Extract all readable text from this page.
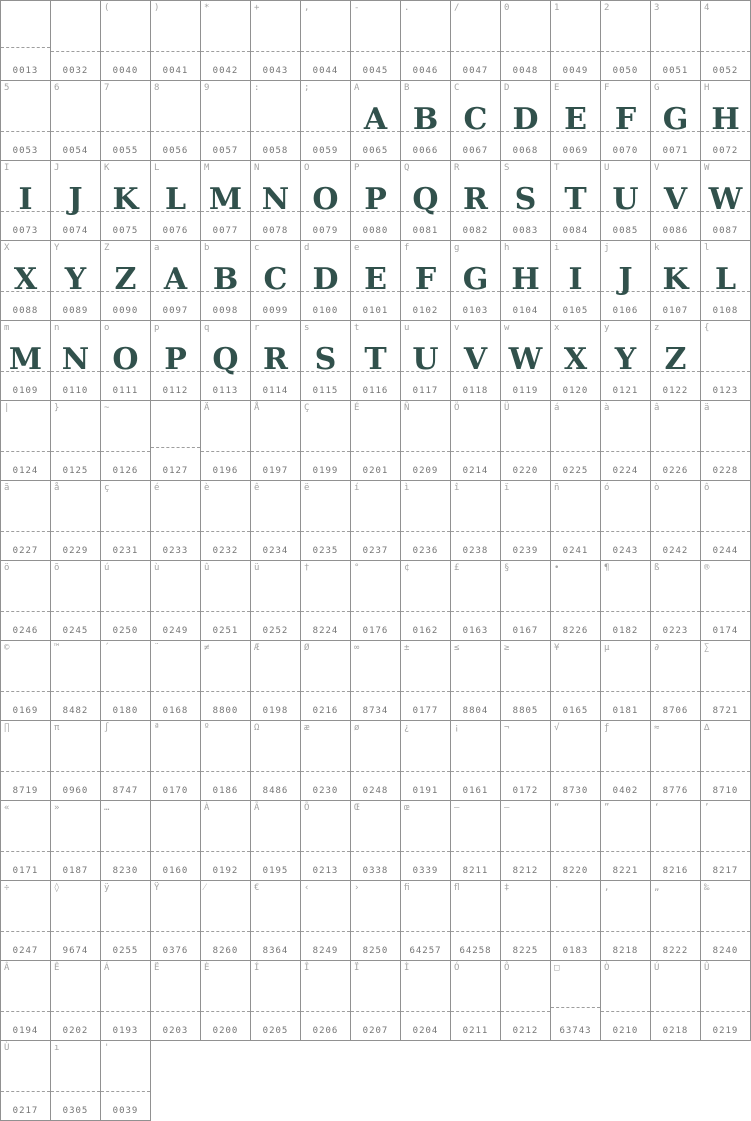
0013	0032
(
0040
)
0041
*
0042
+
0043
,
0044
-
0045
.
0046
/
0047
0
0048
1
0049
2
0050
3
0051
4
0052
5
0053
6
0054
7
0055
8
0056
9
0057
:
0058
;
0059
A
A
0065
B
B
0066
C
C
0067
D
D
0068
E
E
0069
F
F
0070
G
G
0071
H
H
0072
I
I
0073
J
J
0074
K
K
0075
L
L
0076
M
M
0077
N
N
0078
O
O
0079
P
P
0080
Q
Q
0081
R
R
0082
S
S
0083
T
T
0084
U
U
0085
V
V
0086
W
W
0087
X
X
0088
Y
Y
0089
Z
Z
0090
a
A
0097
b
B
0098
c
C
0099
d
D
0100
e
E
0101
f
F
0102
g
G
0103
h
H
0104
i
I
0105
j
J
0106
k
K
0107
l
L
0108
m
M
0109
n
N
0110
o
O
0111
p
P
0112
q
Q
0113
r
R
0114
s
S
0115
t
T
0116
u
U
0117
v
V
0118
w
W
0119
x
X
0120
y
Y
0121
z
Z
0122
{
0123
|
0124
}
0125
~
0126	0127
Ä
0196
Å
0197
Ç
0199
É
0201
Ñ
0209
Ö
0214
Ü
0220
á
0225
à
0224
â
0226
ä
0228
ã
0227
å
0229
ç
0231
é
0233
è
0232
ê
0234
ë
0235
í
0237
ì
0236
î
0238
ï
0239
ñ
0241
ó
0243
ò
0242
ô
0244
ö
0246
õ
0245
ú
0250
ù
0249
û
0251
ü
0252
†
8224
°
0176
¢
0162
£
0163
§
0167
•
8226
¶
0182
ß
0223
®
0174
©
0169
™
8482
´
0180
¨
0168
≠
8800
Æ
0198
Ø
0216
∞
8734
±
0177
≤
8804
≥
8805
¥
0165
µ
0181
∂
8706
∑
8721
∏
8719
π
0960
∫
8747
ª
0170
º
0186
Ω
8486
æ
0230
ø
0248
¿
0191
¡
0161
¬
0172
√
8730
ƒ
0402
≈
8776
∆
8710
«
0171
»
0187
…
8230	0160
À
0192
Ã
0195
Õ
0213
Œ
0338
œ
0339
–
8211
—
8212
“
8220
”
8221
‘
8216
’
8217
÷
0247
◊
9674
ÿ
0255
Ÿ
0376
⁄
8260
€
8364
‹
8249
›
8250
ﬁ
64257
ﬂ
64258
‡
8225
·
0183
‚
8218
„
8222
‰
8240
Â
0194
Ê
0202
Á
0193
Ë
0203
È
0200
Í
0205
Î
0206
Ï
0207
Ì
0204
Ó
0211
Ô
0212
□
63743
Ò
0210
Ú
0218
Û
0219
Ù
0217
ı
0305
'
0039
